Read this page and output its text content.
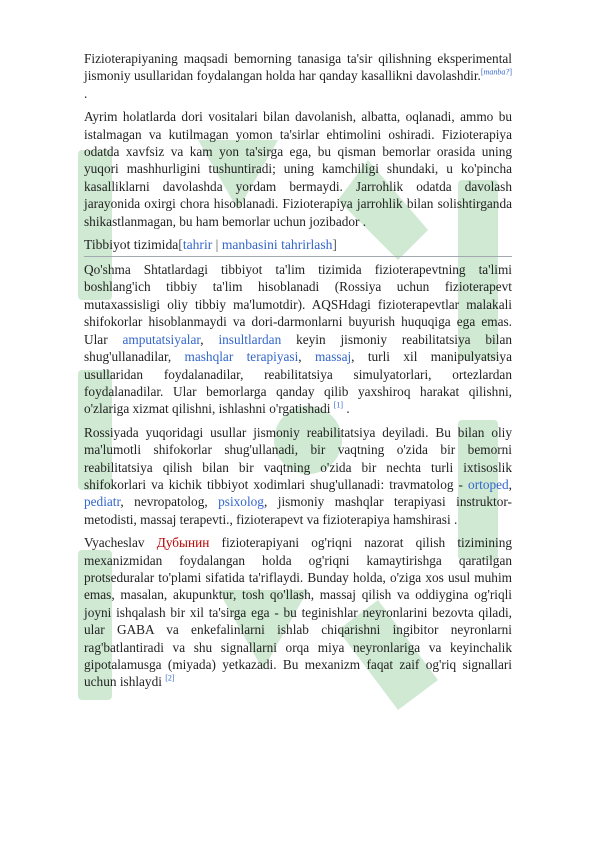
Fizioterapiyaning maqsadi bemorning tanasiga ta'sir qilishning eksperimental jismoniy usullaridan foydalangan holda har qanday kasallikni davolashdir.[manba?] .

Ayrim holatlarda dori vositalari bilan davolanish, albatta, oqlanadi, ammo bu istalmagan va kutilmagan yomon ta'sirlar ehtimolini oshiradi. Fizioterapiya odatda xavfsiz va kam yon ta'sirga ega, bu qisman bemorlar orasida uning yuqori mashhurligini tushuntiradi; uning kamchiligi shundaki, u ko'pincha kasalliklarni davolashda yordam bermaydi. Jarrohlik odatda davolash jarayonida oxirgi chora hisoblanadi. Fizioterapiya jarrohlik bilan solishtirganda shikastlanmagan, bu ham bemorlar uchun jozibador .

Tibbiyot tizimida[tahrir | manbasini tahrirlash]

Qo'shma Shtatlardagi tibbiyot ta'lim tizimida fizioterapevtning ta'limi boshlang'ich tibbiy ta'lim hisoblanadi (Rossiya uchun fizioterapevt mutaxassisligi oliy tibbiy ma'lumotdir). AQSHdagi fizioterapevtlar malakali shifokorlar hisoblanmaydi va dori-darmonlarni buyurish huquqiga ega emas. Ular amputatsiyalar, insultlardan keyin jismoniy reabilitatsiya bilan shug'ullanadilar, mashqlar terapiyasi, massaj, turli xil manipulyatsiya usullaridan foydalanadilar, reabilitatsiya simulyatorlari, ortezlardan foydalanadilar. Ular bemorlarga qanday qilib yaxshiroq harakat qilishni, o'zlariga xizmat qilishni, ishlashni o'rgatishadi [1] .

Rossiyada yuqoridagi usullar jismoniy reabilitatsiya deyiladi. Bu bilan oliy ma'lumotli shifokorlar shug'ullanadi, bir vaqtning o'zida bir bemorni reabilitatsiya qilish bilan bir vaqtning o'zida bir nechta turli ixtisoslik shifokorlari va kichik tibbiyot xodimlari shug'ullanadi: travmatolog - ortoped, pediatr, nevropatolog, psixolog, jismoniy mashqlar terapiyasi instruktor-metodisti, massaj terapevti., fizioterapevt va fizioterapiya hamshirasi .

Vyacheslav Дубынин fizioterapiyani og'riqni nazorat qilish tizimining mexanizmidan foydalangan holda og'riqni kamaytirishga qaratilgan protseduralar to'plami sifatida ta'riflaydi. Bunday holda, o'ziga xos usul muhim emas, masalan, akupunktur, tosh qo'llash, massaj qilish va oddiygina og'riqli joyni ishqalash bir xil ta'sirga ega - bu teginishlar neyronlarini bezovta qiladi, ular GABA va enkefalinlarni ishlab chiqarishni ingibitor neyronlarni rag'batlantiradi va shu signallarni orqa miya neyronlariga va keyinchalik gipotalamusga (miyada) yetkazadi. Bu mexanizm faqat zaif og'riq signallari uchun ishlaydi [2]
